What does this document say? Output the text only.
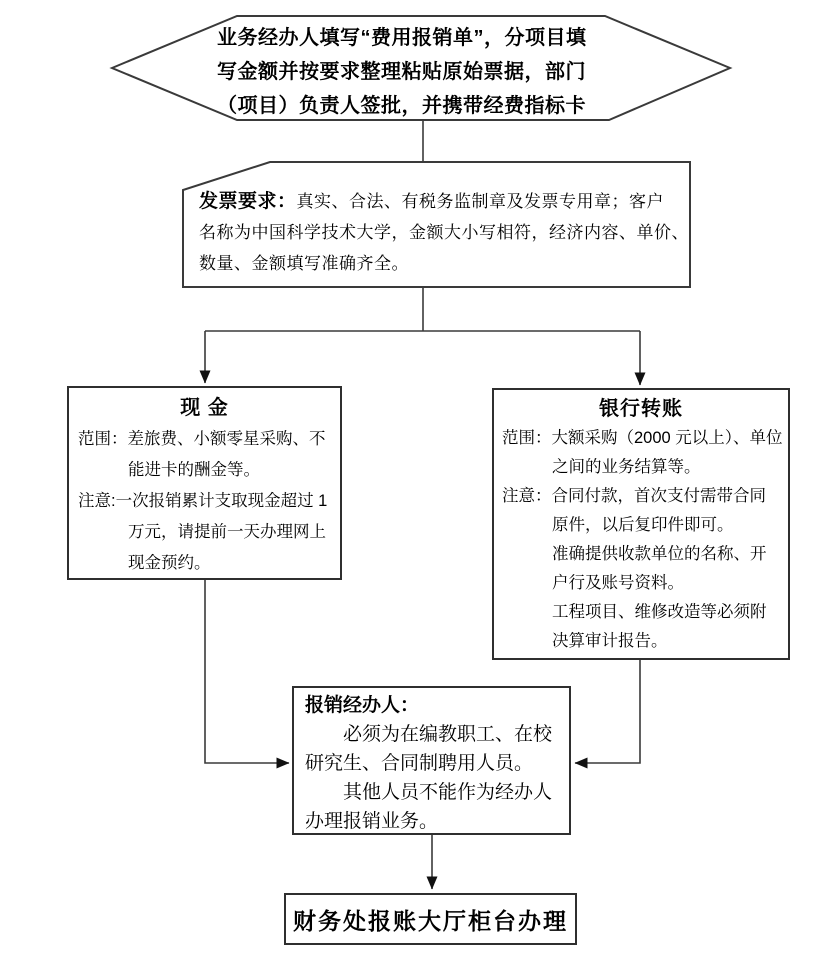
业务经办人填写“费用报销单”，分项目填
写金额并按要求整理粘贴原始票据，部门
（项目）负责人签批，并携带经费指标卡
发票要求：真实、合法、有税务监制章及发票专用章；客户
名称为中国科学技术大学，金额大小写相符，经济内容、单价、
数量、金额填写准确齐全。
现 金
范围：差旅费、小额零星采购、不
能进卡的酬金等。
注意:一次报销累计支取现金超过 1
万元，请提前一天办理网上
现金预约。
银行转账
范围：大额采购（2000 元以上）、单位
之间的业务结算等。
注意：合同付款，首次支付需带合同
原件，以后复印件即可。
准确提供收款单位的名称、开
户行及账号资料。
工程项目、维修改造等必须附
决算审计报告。
报销经办人：
必须为在编教职工、在校
研究生、合同制聘用人员。
其他人员不能作为经办人
办理报销业务。
财务处报账大厅柜台办理
